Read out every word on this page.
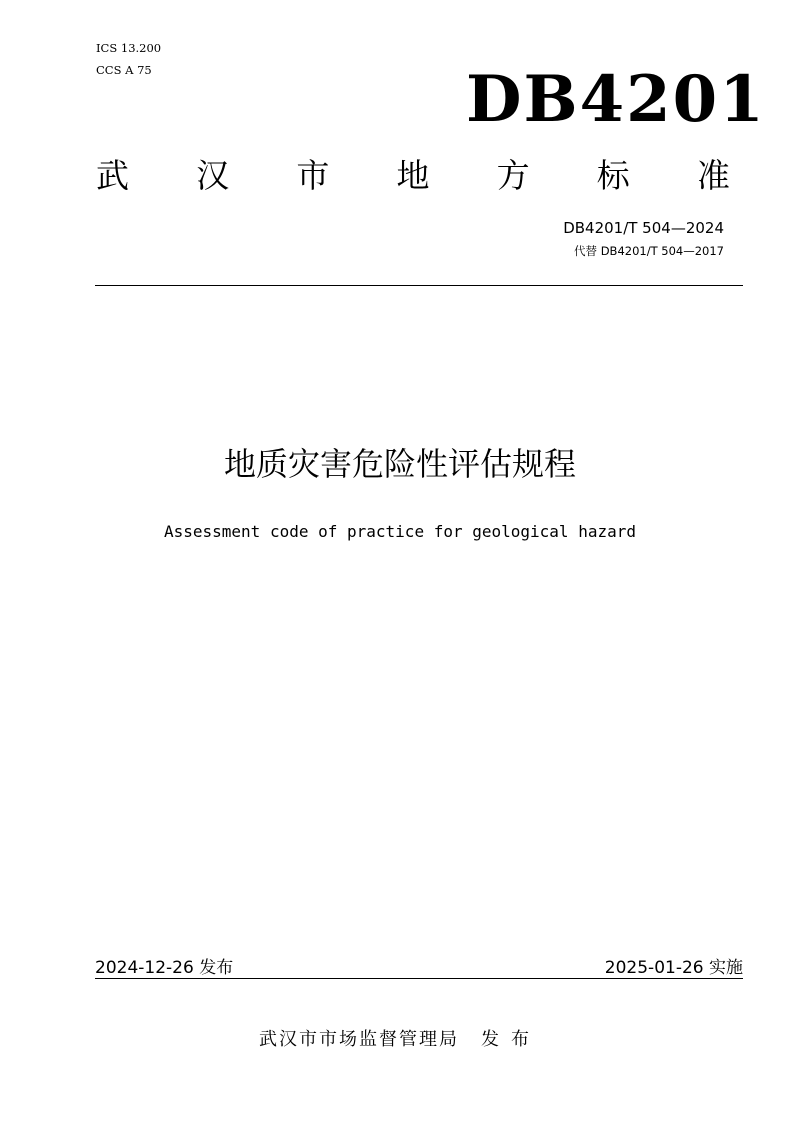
ICS 13.200
CCS A 75	DB4201
武 汉 市 地 方 标 准
DB4201/T 504—2024
代替 DB4201/T 504—2017
地质灾害危险性评估规程
Assessment code of practice for geological hazard
2024-12-26 发布	2025-01-26 实施
武汉市市场监督管理局 发布
